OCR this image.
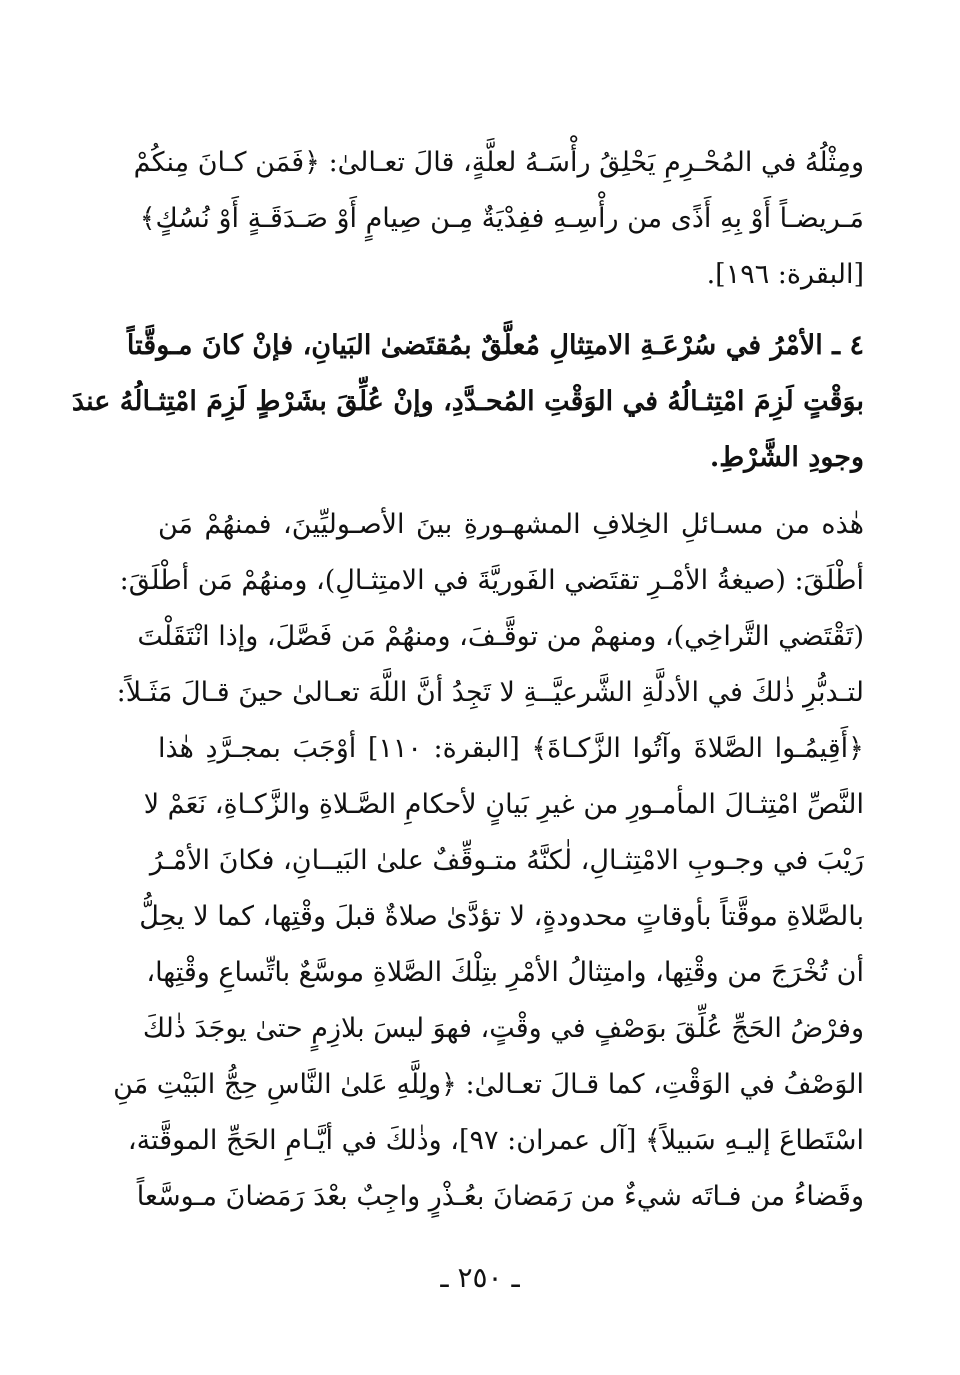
ومِثْلُهُ في المُحْـرِمِ يَحْلِقُ رأْسَـهُ لعلَّةٍ، قالَ تعـالىٰ: ﴿فَمَن كـانَ مِنكُمْ
مَـريضـاً أَوْ بِهِ أَذًى من رأْسِـهِ ففِدْيَةٌ مِـن صِيامٍ أَوْ صَـدَقَـةٍ أَوْ نُسُكٍ﴾
[البقرة: ١٩٦].
٤ ـ الأمْرُ في سُرْعَـةِ الامتِثالِ مُعلَّقٌ بمُقتَضىٰ البَيانِ، فإنْ كانَ مـوقَّتاً
بوَقْتٍ لَزِمَ امْتِثـالُهُ في الوَقْتِ المُحـدَّدِ، وإنْ عُلِّقَ بشَرْطٍ لَزِمَ امْتِثـالُهُ عندَ
وجودِ الشَّرْطِ.
هٰذه من مسـائلِ الخِلافِ المشهـورةِ بينَ الأصـوليِّينَ، فمنهُمْ مَن
أطْلَقَ: (صيغةُ الأمْـرِ تقتَضي الفَوريَّةَ في الامتِثـالِ)، ومنهُمْ مَن أطْلَقَ:
(تَقْتَضي التَّراخِي)، ومنهمْ من توقَّـفَ، ومنهُمْ مَن فَصَّلَ، وإذا انْتَقَلْتَ
لتـدبُّرِ ذٰلكَ في الأدلَّةِ الشَّرعيَّــةِ لا تَجِدُ أنَّ اللَّهَ تعـالىٰ حينَ قـالَ مَثَـلاً:
﴿أَقِيمُـوا الصَّلاةَ وآتُوا الزَّكـاةَ﴾ [البقرة: ١١٠] أوْجَبَ بمجـرَّدِ هٰذا
النَّصِّ امْتِثـالَ المأمـورِ من غيرِ بَيانٍ لأحكامِ الصَّـلاةِ والزَّكـاةِ، نَعَمْ لا
رَيْبَ في وجـوبِ الامْتِثـالِ، لٰكنَّهُ متـوقِّفٌ علىٰ البَيــانِ، فكانَ الأمْـرُ
بالصَّلاةِ موقَّتاً بأوقاتٍ محدودةٍ، لا تؤدَّىٰ صلاةٌ قبلَ وقْتِها، كما لا يحِلُّ
أن تُخْرَجَ من وقْتِها، وامتِثالُ الأمْرِ بتِلْكَ الصَّلاةِ موسَّعٌ باتِّساعِ وقْتِها،
وفرْضُ الحَجِّ عُلِّقَ بوَصْفٍ في وقْتٍ، فهوَ ليسَ بلازِمٍ حتىٰ يوجَدَ ذٰلكَ
الوَصْفُ في الوَقْتِ، كما قـالَ تعـالىٰ: ﴿ولِلَّهِ عَلىٰ النَّاسِ حِجُّ البَيْتِ مَنِ
اسْتَطاعَ إليـهِ سَبيلاً﴾ [آل عمران: ٩٧]، وذٰلكَ في أيَّـامِ الحَجِّ الموقَّتة،
وقَضاءُ من فـاتَه شيءٌ من رَمَضانَ بعُـذْرٍ واجِبٌ بعْدَ رَمَضانَ مـوسَّعاً
ـ ٢٥٠ ـ
